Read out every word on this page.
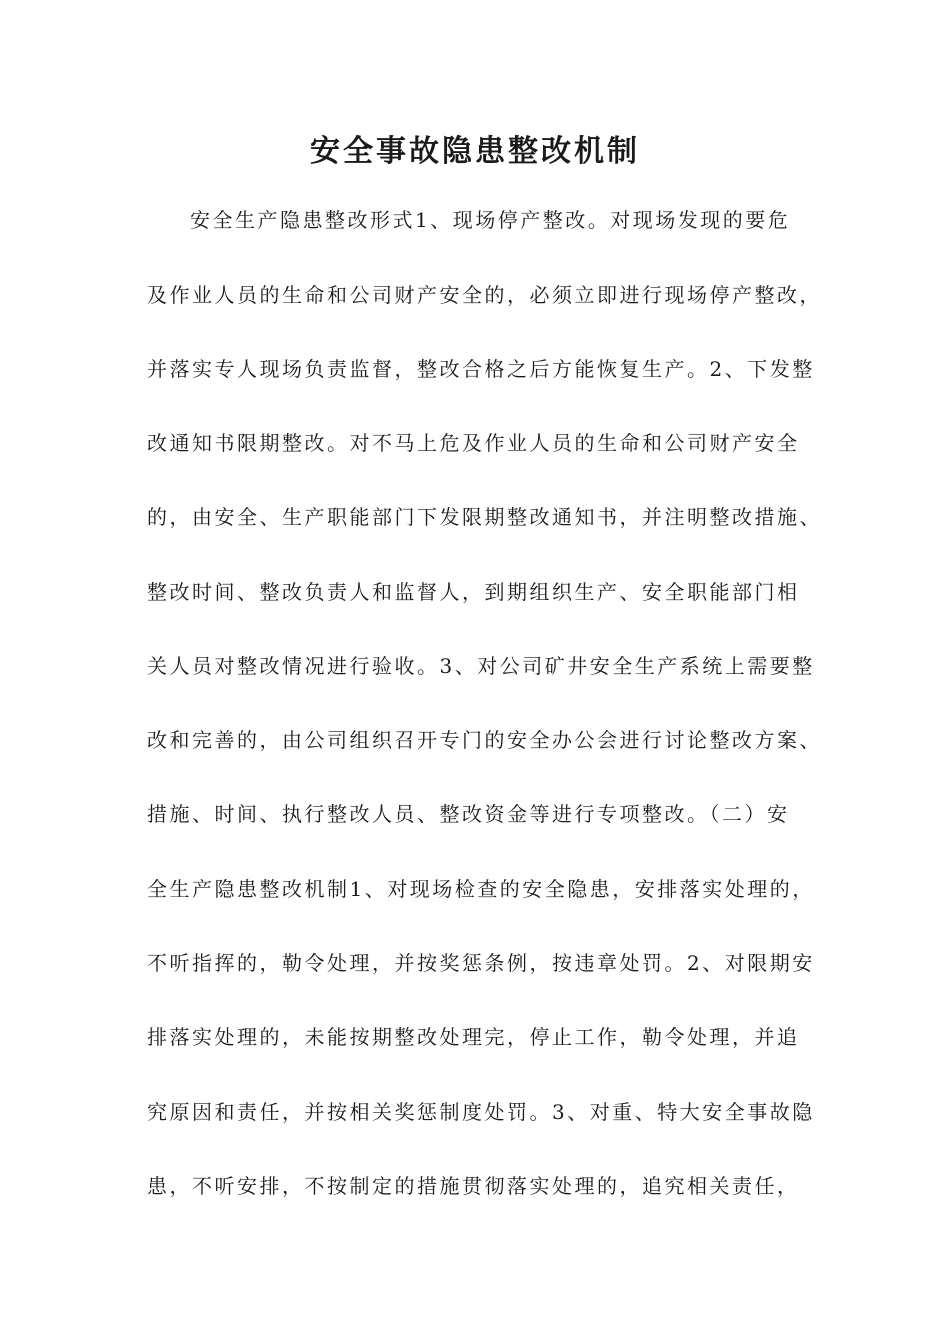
安全事故隐患整改机制
安全生产隐患整改形式1、现场停产整改。对现场发现的要危
及作业人员的生命和公司财产安全的，必须立即进行现场停产整改，
并落实专人现场负责监督，整改合格之后方能恢复生产。2、下发整
改通知书限期整改。对不马上危及作业人员的生命和公司财产安全
的，由安全、生产职能部门下发限期整改通知书，并注明整改措施、
整改时间、整改负责人和监督人，到期组织生产、安全职能部门相
关人员对整改情况进行验收。3、对公司矿井安全生产系统上需要整
改和完善的，由公司组织召开专门的安全办公会进行讨论整改方案、
措施、时间、执行整改人员、整改资金等进行专项整改。（二）安
全生产隐患整改机制1、对现场检查的安全隐患，安排落实处理的，
不听指挥的，勒令处理，并按奖惩条例，按违章处罚。2、对限期安
排落实处理的，未能按期整改处理完，停止工作，勒令处理，并追
究原因和责任，并按相关奖惩制度处罚。3、对重、特大安全事故隐
患，不听安排，不按制定的措施贯彻落实处理的，追究相关责任，
